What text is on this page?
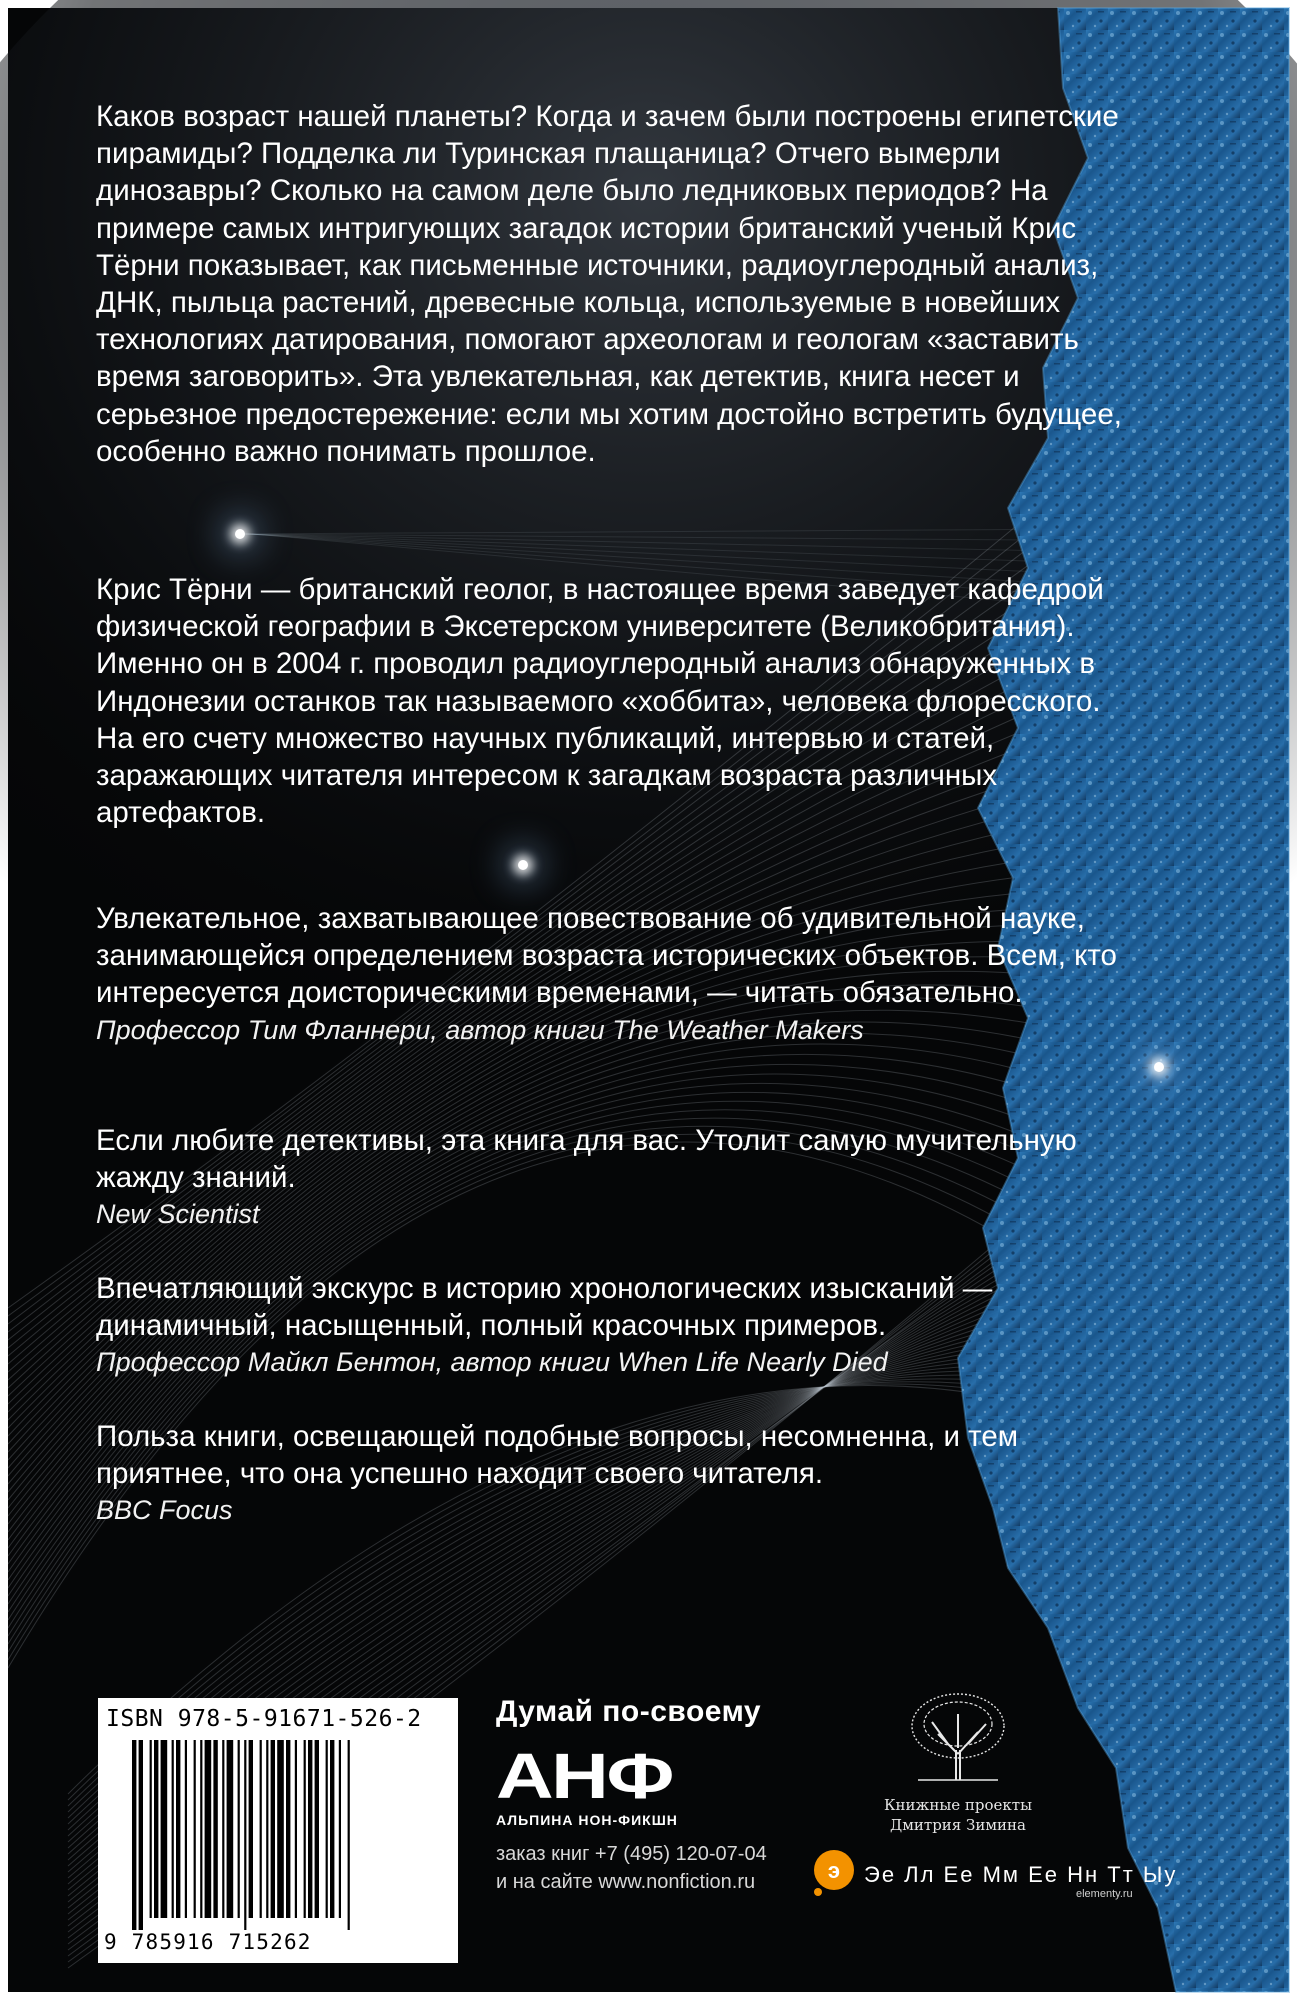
Каков возраст нашей планеты? Когда и зачем были построены египетские пирамиды? Подделка ли Туринская плащаница? Отчего вымерли динозавры? Сколько на самом деле было ледниковых периодов? На примере самых интригующих загадок истории британский ученый Крис Тёрни показывает, как письменные источники, радиоуглеродный анализ, ДНК, пыльца растений, древесные кольца, используемые в новейших технологиях датирования, помогают археологам и геологам «заставить время заговорить». Эта увлекательная, как детектив, книга несет и серьезное предостережение: если мы хотим достойно встретить будущее, особенно важно понимать прошлое.

Крис Тёрни — британский геолог, в настоящее время заведует кафедрой физической географии в Эксетерском университете (Великобритания). Именно он в 2004 г. проводил радиоуглеродный анализ обнаруженных в Индонезии останков так называемого «хоббита», человека флоресского. На его счету множество научных публикаций, интервью и статей, заражающих читателя интересом к загадкам возраста различных артефактов.

Увлекательное, захватывающее повествование об удивительной науке, занимающейся определением возраста исторических объектов. Всем, кто интересуется доисторическими временами, — читать обязательно.
Профессор Тим Фланнери, автор книги The Weather Makers
Если любите детективы, эта книга для вас. Утолит самую мучительную жажду знаний.
New Scientist
Впечатляющий экскурс в историю хронологических изысканий — динамичный, насыщенный, полный красочных примеров.
Профессор Майкл Бентон, автор книги When Life Nearly Died
Польза книги, освещающей подобные вопросы, несомненна, и тем приятнее, что она успешно находит своего читателя.
BBC Focus
ISBN 978-5-91671-526-2
9 785916 715262
Думай по-своему
АНФ
АЛЬПИНА НОН-ФИКШН
заказ книг +7 (495) 120-07-04
и на сайте www.nonfiction.ru
Книжные проекты
Дмитрия Зимина
э Эе Лл Ее Мм Ее Нн Тт Ыу
elementy.ru
